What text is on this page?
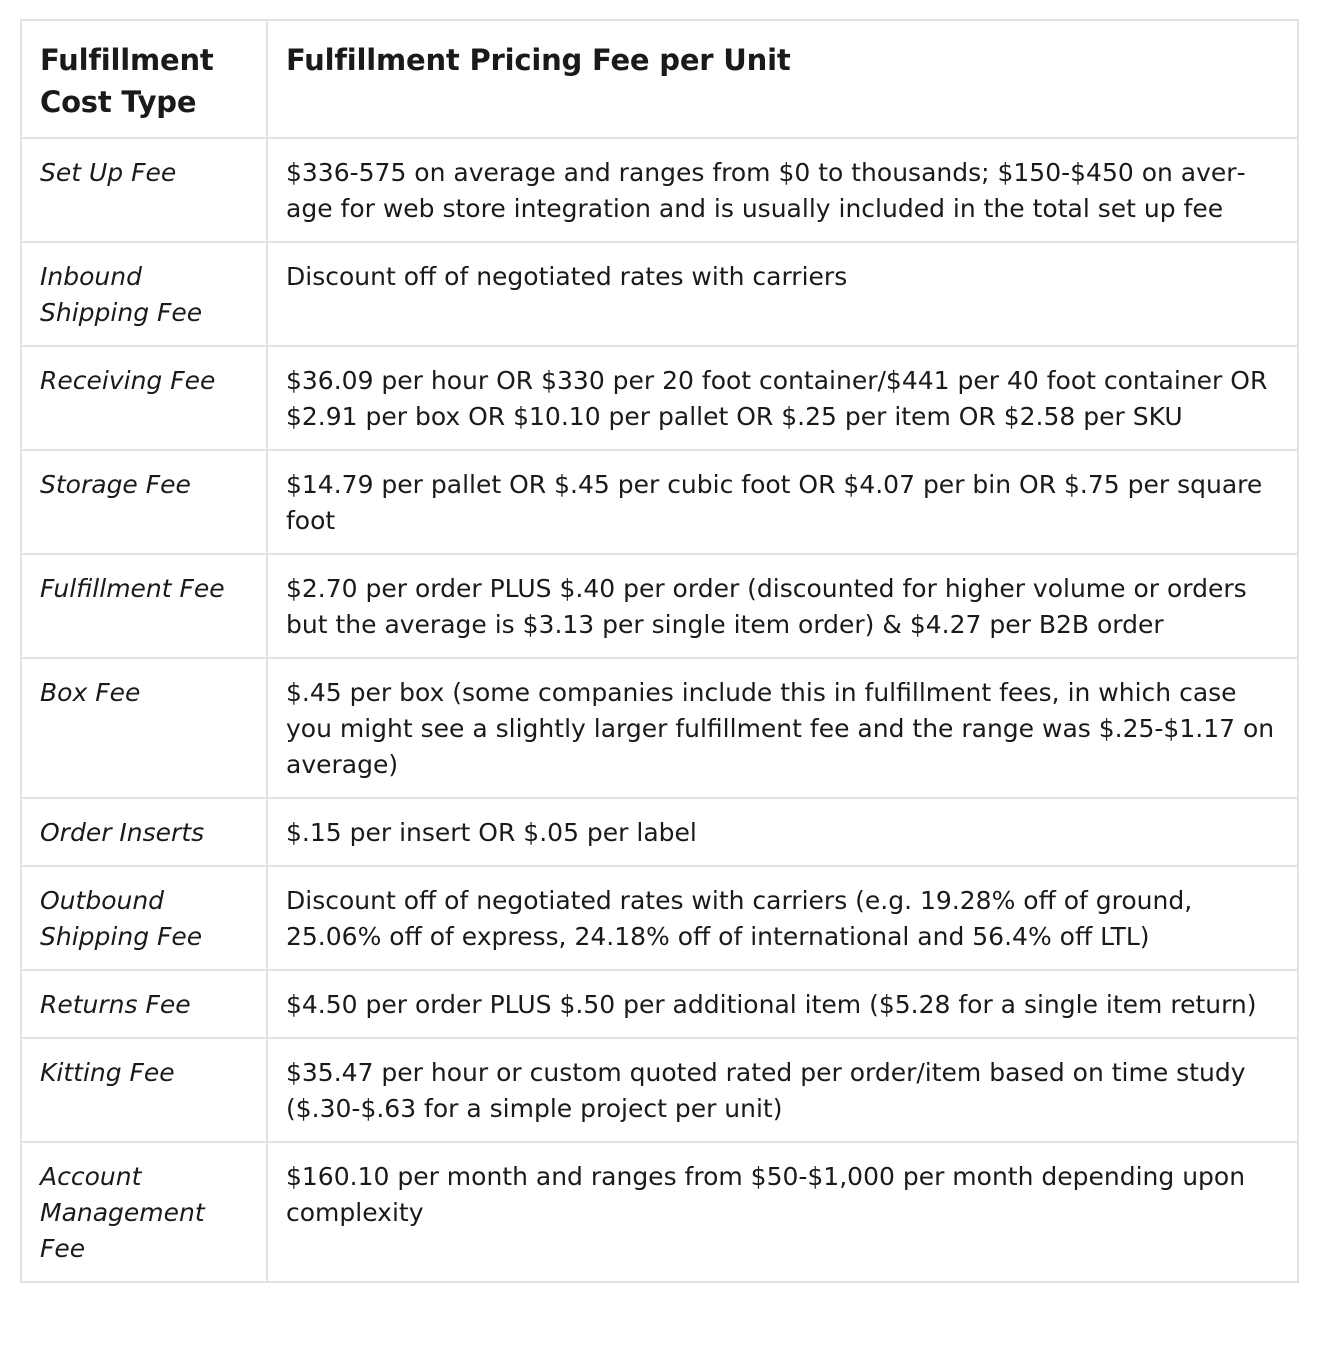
Fulfillment Cost Type	Fulfillment Pricing Fee per Unit
Set Up Fee	$336-575 on average and ranges from $0 to thousands; $150-$450 on average for web store integration and is usually included in the total set up fee
Inbound Shipping Fee	Discount off of negotiated rates with carriers
Receiving Fee	$36.09 per hour OR $330 per 20 foot container/$441 per 40 foot container OR $2.91 per box OR $10.10 per pallet OR $.25 per item OR $2.58 per SKU
Storage Fee	$14.79 per pallet OR $.45 per cubic foot OR $4.07 per bin OR $.75 per square foot
Fulfillment Fee	$2.70 per order PLUS $.40 per order (discounted for higher volume or orders but the average is $3.13 per single item order) & $4.27 per B2B order
Box Fee	$.45 per box (some companies include this in fulfillment fees, in which case you might see a slightly larger fulfillment fee and the range was $.25-$1.17 on average)
Order Inserts	$.15 per insert OR $.05 per label
Outbound Shipping Fee	Discount off of negotiated rates with carriers (e.g. 19.28% off of ground, 25.06% off of express, 24.18% off of international and 56.4% off LTL)
Returns Fee	$4.50 per order PLUS $.50 per additional item ($5.28 for a single item return)
Kitting Fee	$35.47 per hour or custom quoted rated per order/item based on time study ($.30-$.63 for a simple project per unit)
Account Management Fee	$160.10 per month and ranges from $50-$1,000 per month depending upon complexity
